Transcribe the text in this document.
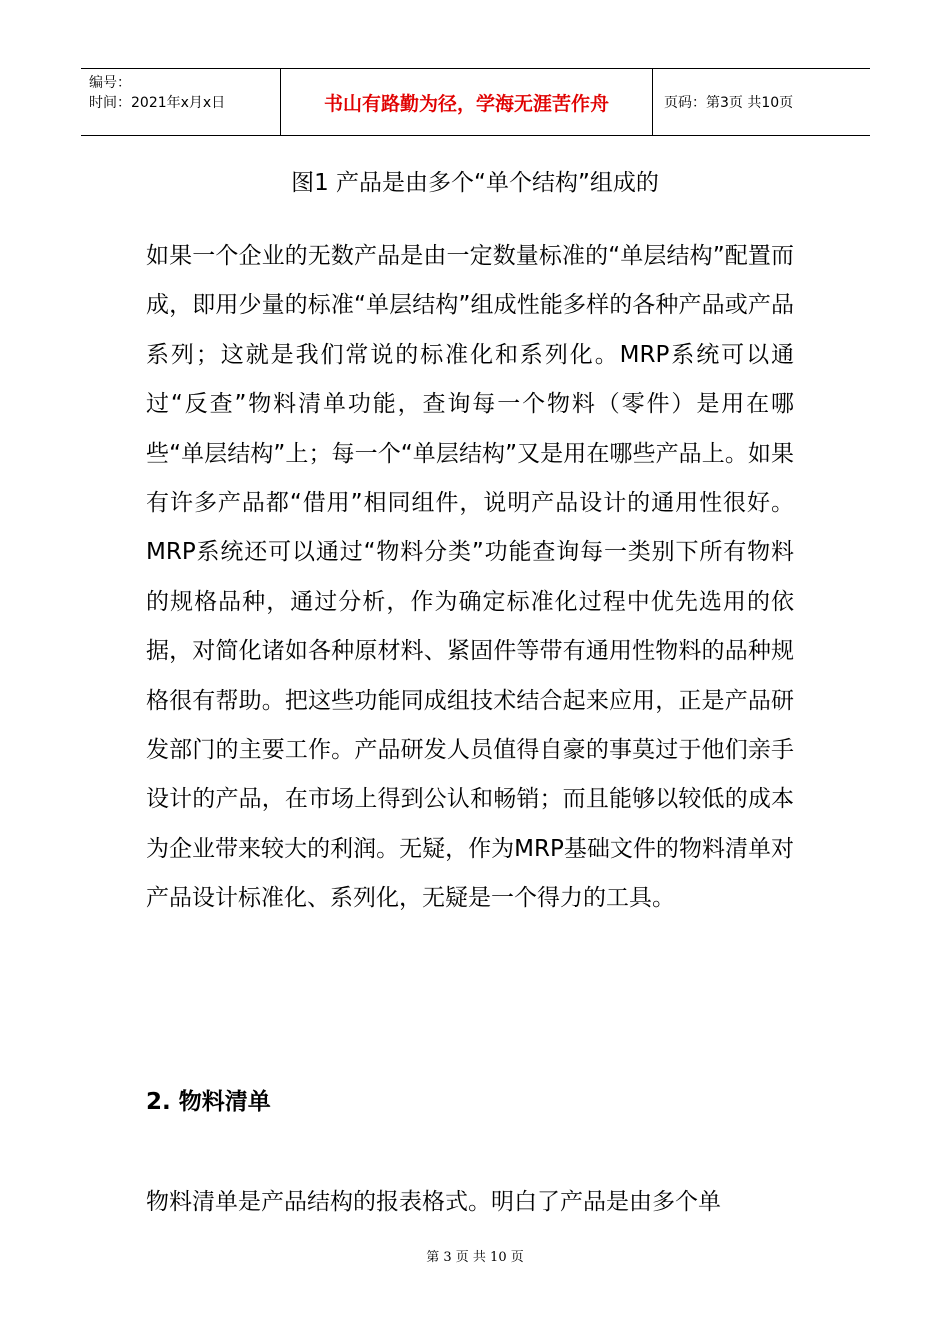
编号：
时间：2021年x月x日	书山有路勤为径，学海无涯苦作舟	页码：第3页 共10页
图1 产品是由多个“单个结构”组成的
如果一个企业的无数产品是由一定数量标准的“单层结构”配置而成，即用少量的标准“单层结构”组成性能多样的各种产品或产品系列；这就是我们常说的标准化和系列化。MRP系统可以通过“反查”物料清单功能，查询每一个物料（零件）是用在哪些“单层结构”上；每一个“单层结构”又是用在哪些产品上。如果有许多产品都“借用”相同组件，说明产品设计的通用性很好。MRP系统还可以通过“物料分类”功能查询每一类别下所有物料的规格品种，通过分析，作为确定标准化过程中优先选用的依据，对简化诸如各种原材料、紧固件等带有通用性物料的品种规格很有帮助。把这些功能同成组技术结合起来应用，正是产品研发部门的主要工作。产品研发人员值得自豪的事莫过于他们亲手设计的产品，在市场上得到公认和畅销；而且能够以较低的成本为企业带来较大的利润。无疑，作为MRP基础文件的物料清单对产品设计标准化、系列化，无疑是一个得力的工具。
2. 物料清单
物料清单是产品结构的报表格式。明白了产品是由多个单
第 3 页 共 10 页
